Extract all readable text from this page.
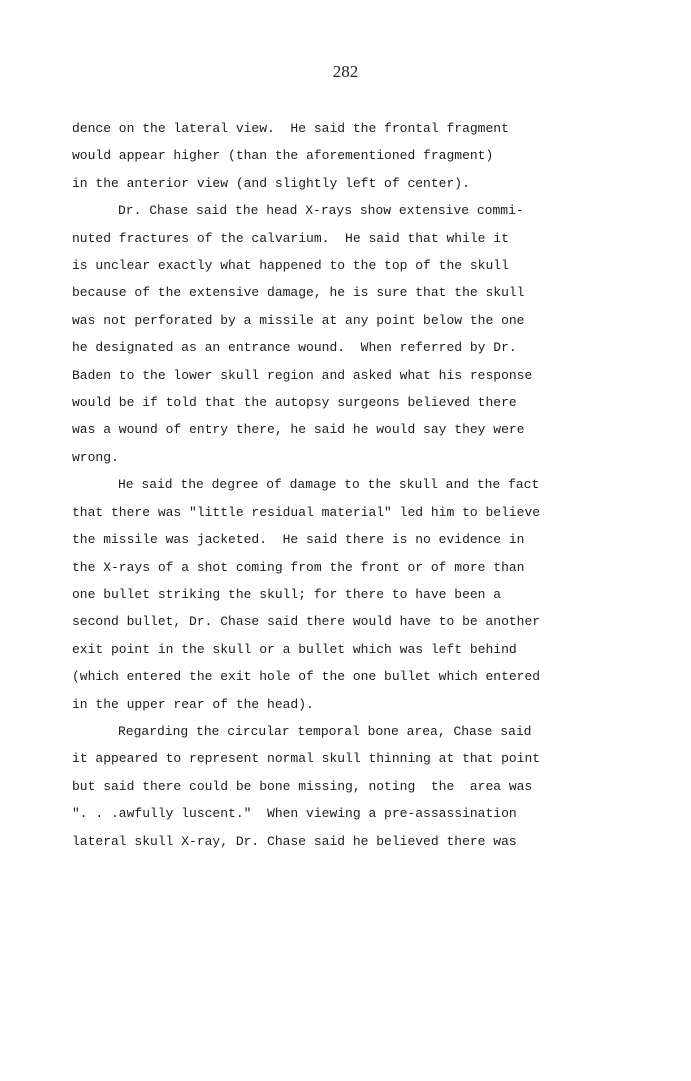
282
dence on the lateral view.  He said the frontal fragment
would appear higher (than the aforementioned fragment)
in the anterior view (and slightly left of center).
Dr. Chase said the head X-rays show extensive commi-
nuted fractures of the calvarium.  He said that while it
is unclear exactly what happened to the top of the skull
because of the extensive damage, he is sure that the skull
was not perforated by a missile at any point below the one
he designated as an entrance wound.  When referred by Dr.
Baden to the lower skull region and asked what his response
would be if told that the autopsy surgeons believed there
was a wound of entry there, he said he would say they were
wrong.
He said the degree of damage to the skull and the fact
that there was "little residual material" led him to believe
the missile was jacketed.  He said there is no evidence in
the X-rays of a shot coming from the front or of more than
one bullet striking the skull; for there to have been a
second bullet, Dr. Chase said there would have to be another
exit point in the skull or a bullet which was left behind
(which entered the exit hole of the one bullet which entered
in the upper rear of the head).
Regarding the circular temporal bone area, Chase said
it appeared to represent normal skull thinning at that point
but said there could be bone missing, noting  the  area was
". . .awfully luscent."  When viewing a pre-assassination
lateral skull X-ray, Dr. Chase said he believed there was
